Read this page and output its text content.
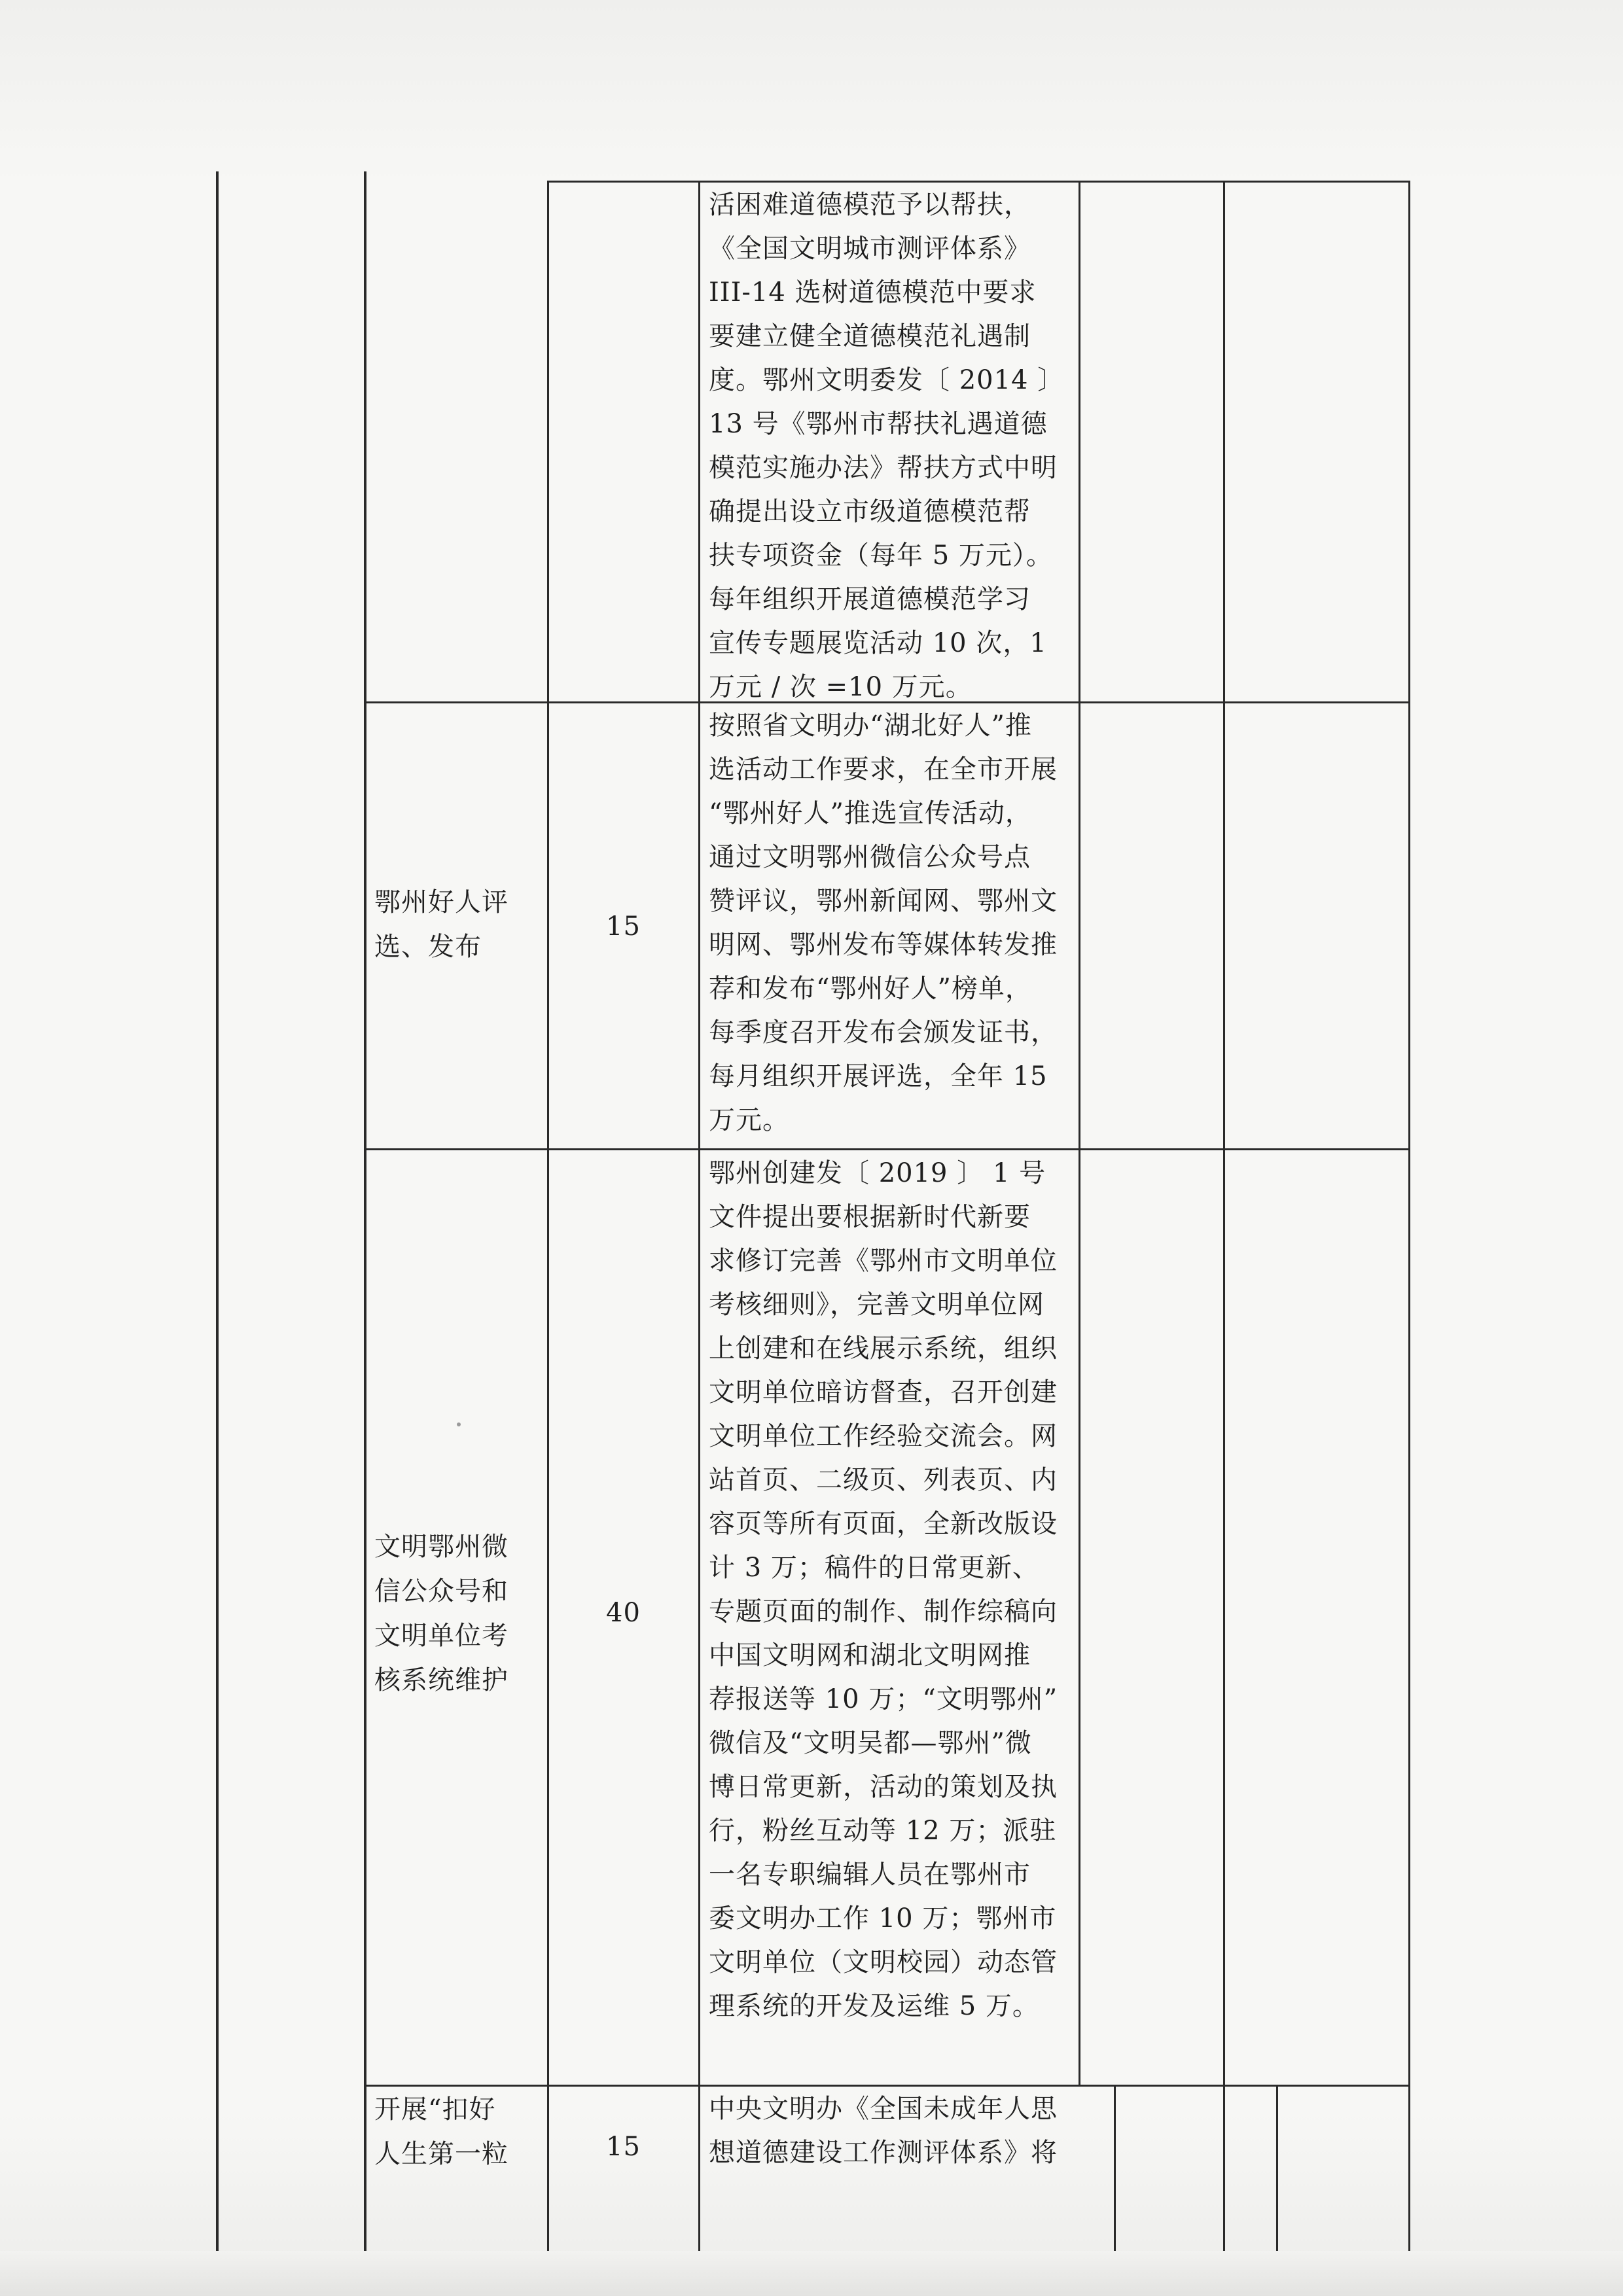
活困难道德模范予以帮扶，
《全国文明城市测评体系》
III-14 选树道德模范中要求
要建立健全道德模范礼遇制
度。鄂州文明委发〔 2014 〕
13 号《鄂州市帮扶礼遇道德
模范实施办法》帮扶方式中明
确提出设立市级道德模范帮
扶专项资金（每年 5 万元）。
每年组织开展道德模范学习
宣传专题展览活动 10 次，1
万元 / 次 =10 万元。
鄂州好人评
选、发布
15
按照省文明办“湖北好人”推
选活动工作要求，在全市开展
“鄂州好人”推选宣传活动，
通过文明鄂州微信公众号点
赞评议，鄂州新闻网、鄂州文
明网、鄂州发布等媒体转发推
荐和发布“鄂州好人”榜单，
每季度召开发布会颁发证书，
每月组织开展评选，全年 15
万元。
文明鄂州微
信公众号和
文明单位考
核系统维护
40
鄂州创建发〔 2019 〕 1 号
文件提出要根据新时代新要
求修订完善《鄂州市文明单位
考核细则》，完善文明单位网
上创建和在线展示系统，组织
文明单位暗访督查，召开创建
文明单位工作经验交流会。网
站首页、二级页、列表页、内
容页等所有页面，全新改版设
计 3 万；稿件的日常更新、
专题页面的制作、制作综稿向
中国文明网和湖北文明网推
荐报送等 10 万；“文明鄂州”
微信及“文明吴都—鄂州”微
博日常更新，活动的策划及执
行，粉丝互动等 12 万；派驻
一名专职编辑人员在鄂州市
委文明办工作 10 万；鄂州市
文明单位（文明校园）动态管
理系统的开发及运维 5 万。
开展“扣好
人生第一粒	15
中央文明办《全国未成年人思
想道德建设工作测评体系》将
